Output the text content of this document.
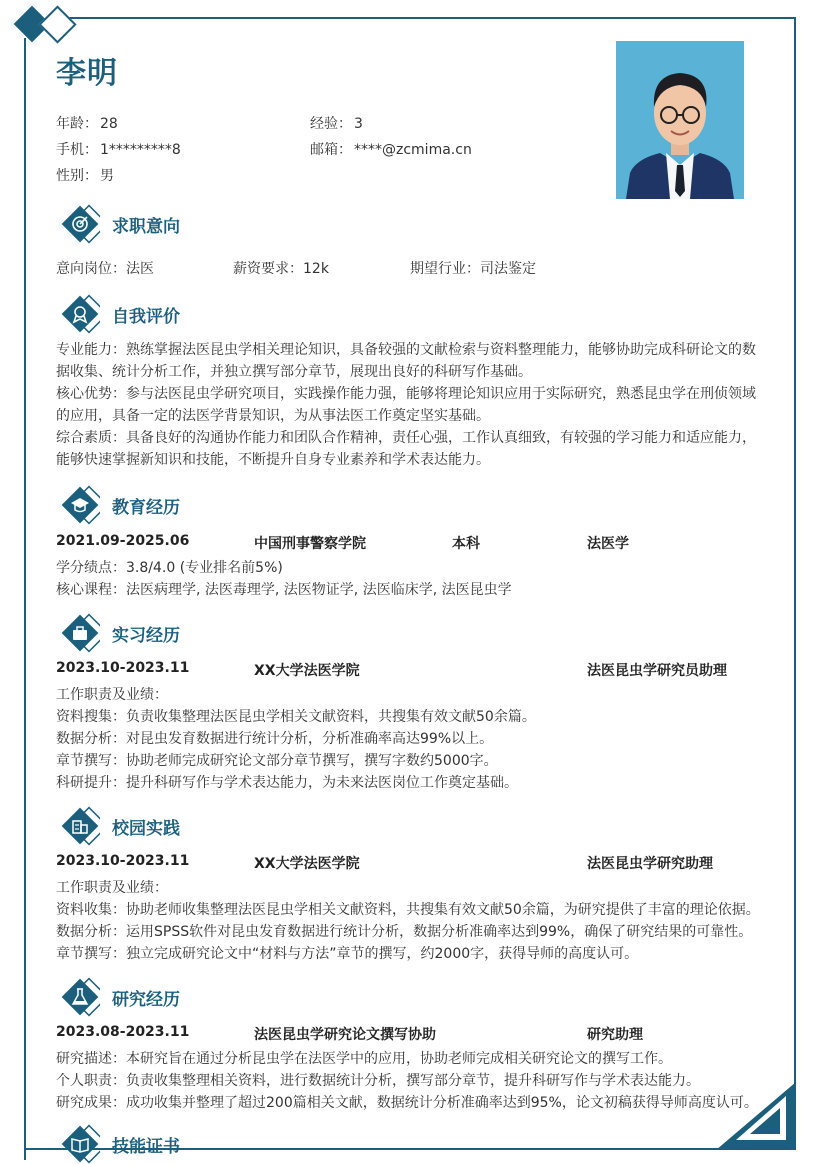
李明
年龄： 28	经验： 3
手机： 1*********8	邮箱： ****@zcmima.cn
性别： 男
求职意向
意向岗位：法医	薪资要求：12k	期望行业：司法鉴定
自我评价
专业能力：熟练掌握法医昆虫学相关理论知识，具备较强的文献检索与资料整理能力，能够协助完成科研论文的数据收集、统计分析工作，并独立撰写部分章节，展现出良好的科研写作基础。
核心优势：参与法医昆虫学研究项目，实践操作能力强，能够将理论知识应用于实际研究，熟悉昆虫学在刑侦领域的应用，具备一定的法医学背景知识，为从事法医工作奠定坚实基础。
综合素质：具备良好的沟通协作能力和团队合作精神，责任心强，工作认真细致，有较强的学习能力和适应能力，能够快速掌握新知识和技能，不断提升自身专业素养和学术表达能力。
教育经历
2021.09-2025.06	中国刑事警察学院	本科	法医学
学分绩点：3.8/4.0 (专业排名前5%)
核心课程：法医病理学, 法医毒理学, 法医物证学, 法医临床学, 法医昆虫学
实习经历
2023.10-2023.11	XX大学法医学院	法医昆虫学研究员助理
工作职责及业绩：
资料搜集：负责收集整理法医昆虫学相关文献资料，共搜集有效文献50余篇。
数据分析：对昆虫发育数据进行统计分析，分析准确率高达99%以上。
章节撰写：协助老师完成研究论文部分章节撰写，撰写字数约5000字。
科研提升：提升科研写作与学术表达能力，为未来法医岗位工作奠定基础。
校园实践
2023.10-2023.11	XX大学法医学院	法医昆虫学研究助理
工作职责及业绩：
资料收集：协助老师收集整理法医昆虫学相关文献资料，共搜集有效文献50余篇，为研究提供了丰富的理论依据。
数据分析：运用SPSS软件对昆虫发育数据进行统计分析，数据分析准确率达到99%，确保了研究结果的可靠性。
章节撰写：独立完成研究论文中“材料与方法”章节的撰写，约2000字，获得导师的高度认可。
研究经历
2023.08-2023.11	法医昆虫学研究论文撰写协助	研究助理
研究描述：本研究旨在通过分析昆虫学在法医学中的应用，协助老师完成相关研究论文的撰写工作。
个人职责：负责收集整理相关资料，进行数据统计分析，撰写部分章节，提升科研写作与学术表达能力。
研究成果：成功收集并整理了超过200篇相关文献，数据统计分析准确率达到95%，论文初稿获得导师高度认可。
技能证书
